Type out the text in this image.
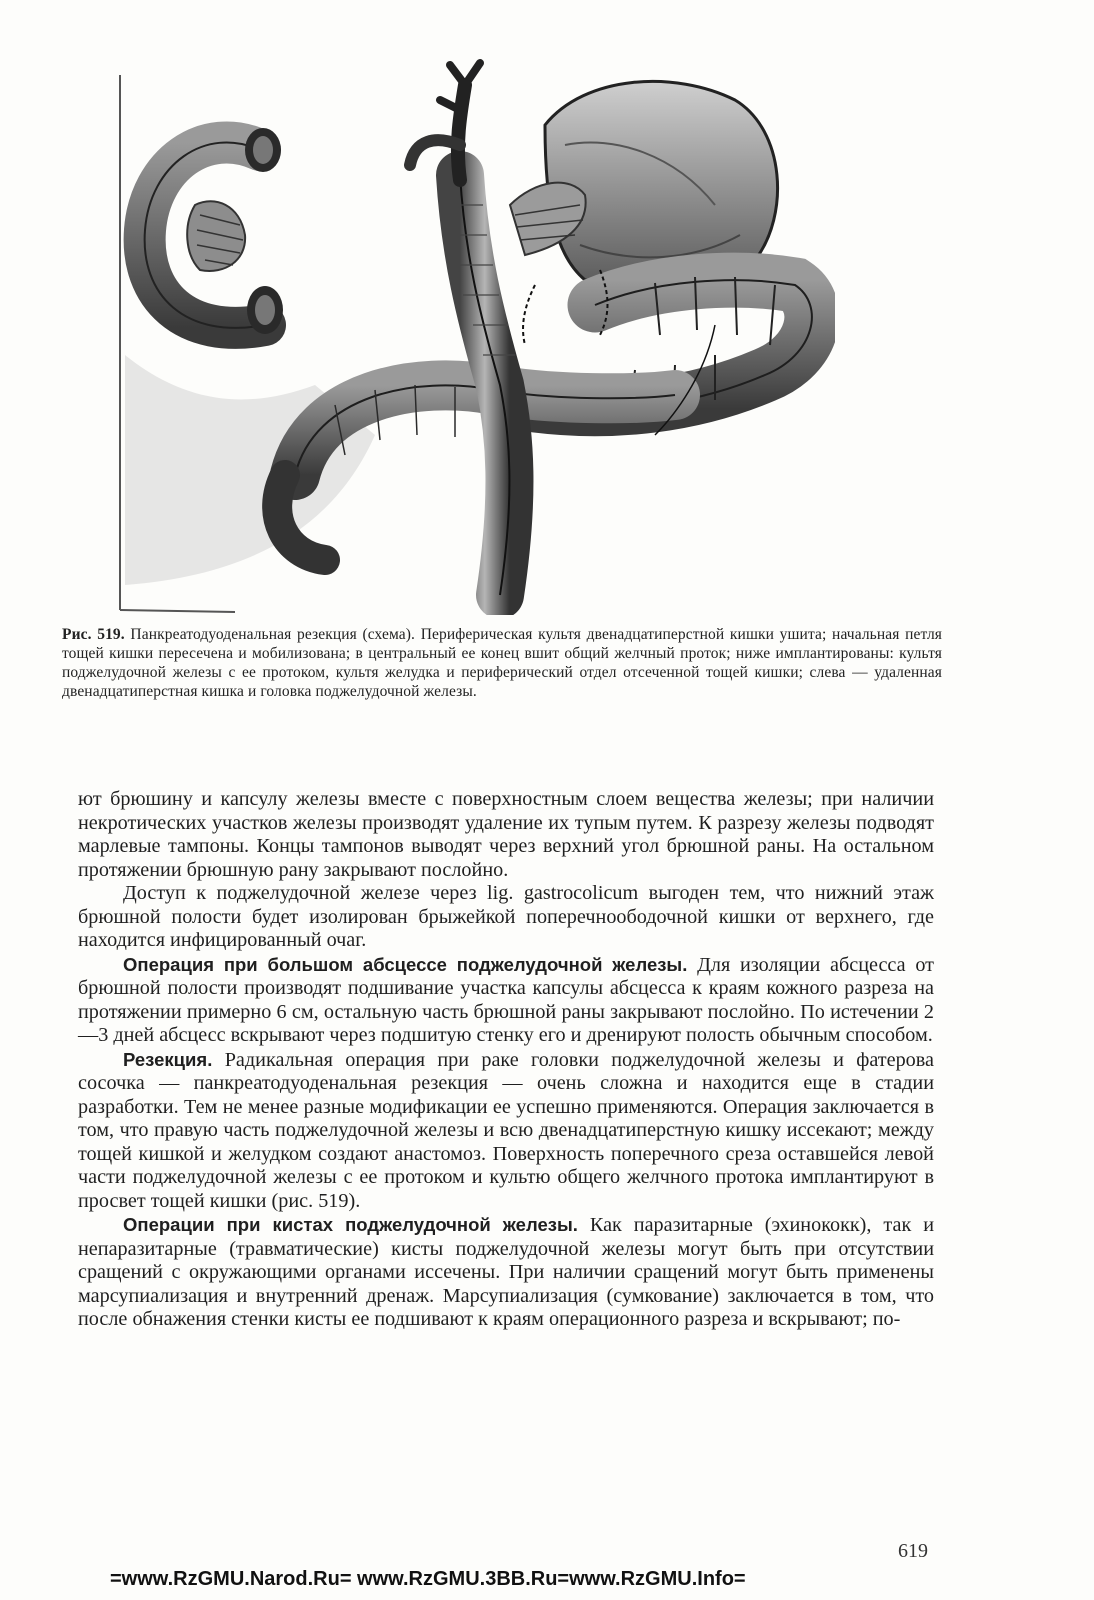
Рис. 519. Панкреатодуоденальная резекция (схема). Периферическая культя двенадцатиперстной кишки ушита; начальная петля тощей кишки пересечена и мобилизована; в центральный ее конец вшит общий желчный проток; ниже имплантированы: культя поджелудочной железы с ее протоком, культя желудка и периферический отдел отсеченной тощей кишки; слева — удаленная двенадцатиперстная кишка и головка поджелудочной железы.

ют брюшину и капсулу железы вместе с поверхностным слоем вещества железы; при наличии некротических участков железы производят удаление их тупым путем. К разрезу железы подводят марлевые тампоны. Концы тампонов выводят через верхний угол брюшной раны. На остальном протяжении брюшную рану закрывают послойно.

Доступ к поджелудочной железе через lig. gastrocolicum выгоден тем, что нижний этаж брюшной полости будет изолирован брыжейкой поперечноободочной кишки от верхнего, где находится инфицированный очаг.

Операция при большом абсцессе поджелудочной железы. Для изоляции абсцесса от брюшной полости производят подшивание участка капсулы абсцесса к краям кожного разреза на протяжении примерно 6 см, остальную часть брюшной раны закрывают послойно. По истечении 2—3 дней абсцесс вскрывают через подшитую стенку его и дренируют полость обычным способом.

Резекция. Радикальная операция при раке головки поджелудочной железы и фатерова сосочка — панкреатодуоденальная резекция — очень сложна и находится еще в стадии разработки. Тем не менее разные модификации ее успешно применяются. Операция заключается в том, что правую часть поджелудочной железы и всю двенадцатиперстную кишку иссекают; между тощей кишкой и желудком создают анастомоз. Поверхность поперечного среза оставшейся левой части поджелудочной железы с ее протоком и культю общего желчного протока имплантируют в просвет тощей кишки (рис. 519).

Операции при кистах поджелудочной железы. Как паразитарные (эхинококк), так и непаразитарные (травматические) кисты поджелудочной железы могут быть при отсутствии сращений с окружающими органами иссечены. При наличии сращений могут быть применены марсупиализация и внутренний дренаж. Марсупиализация (сумкование) заключается в том, что после обнажения стенки кисты ее подшивают к краям операционного разреза и вскрывают; по-

619
=www.RzGMU.Narod.Ru= www.RzGMU.3BB.Ru=www.RzGMU.Info=
